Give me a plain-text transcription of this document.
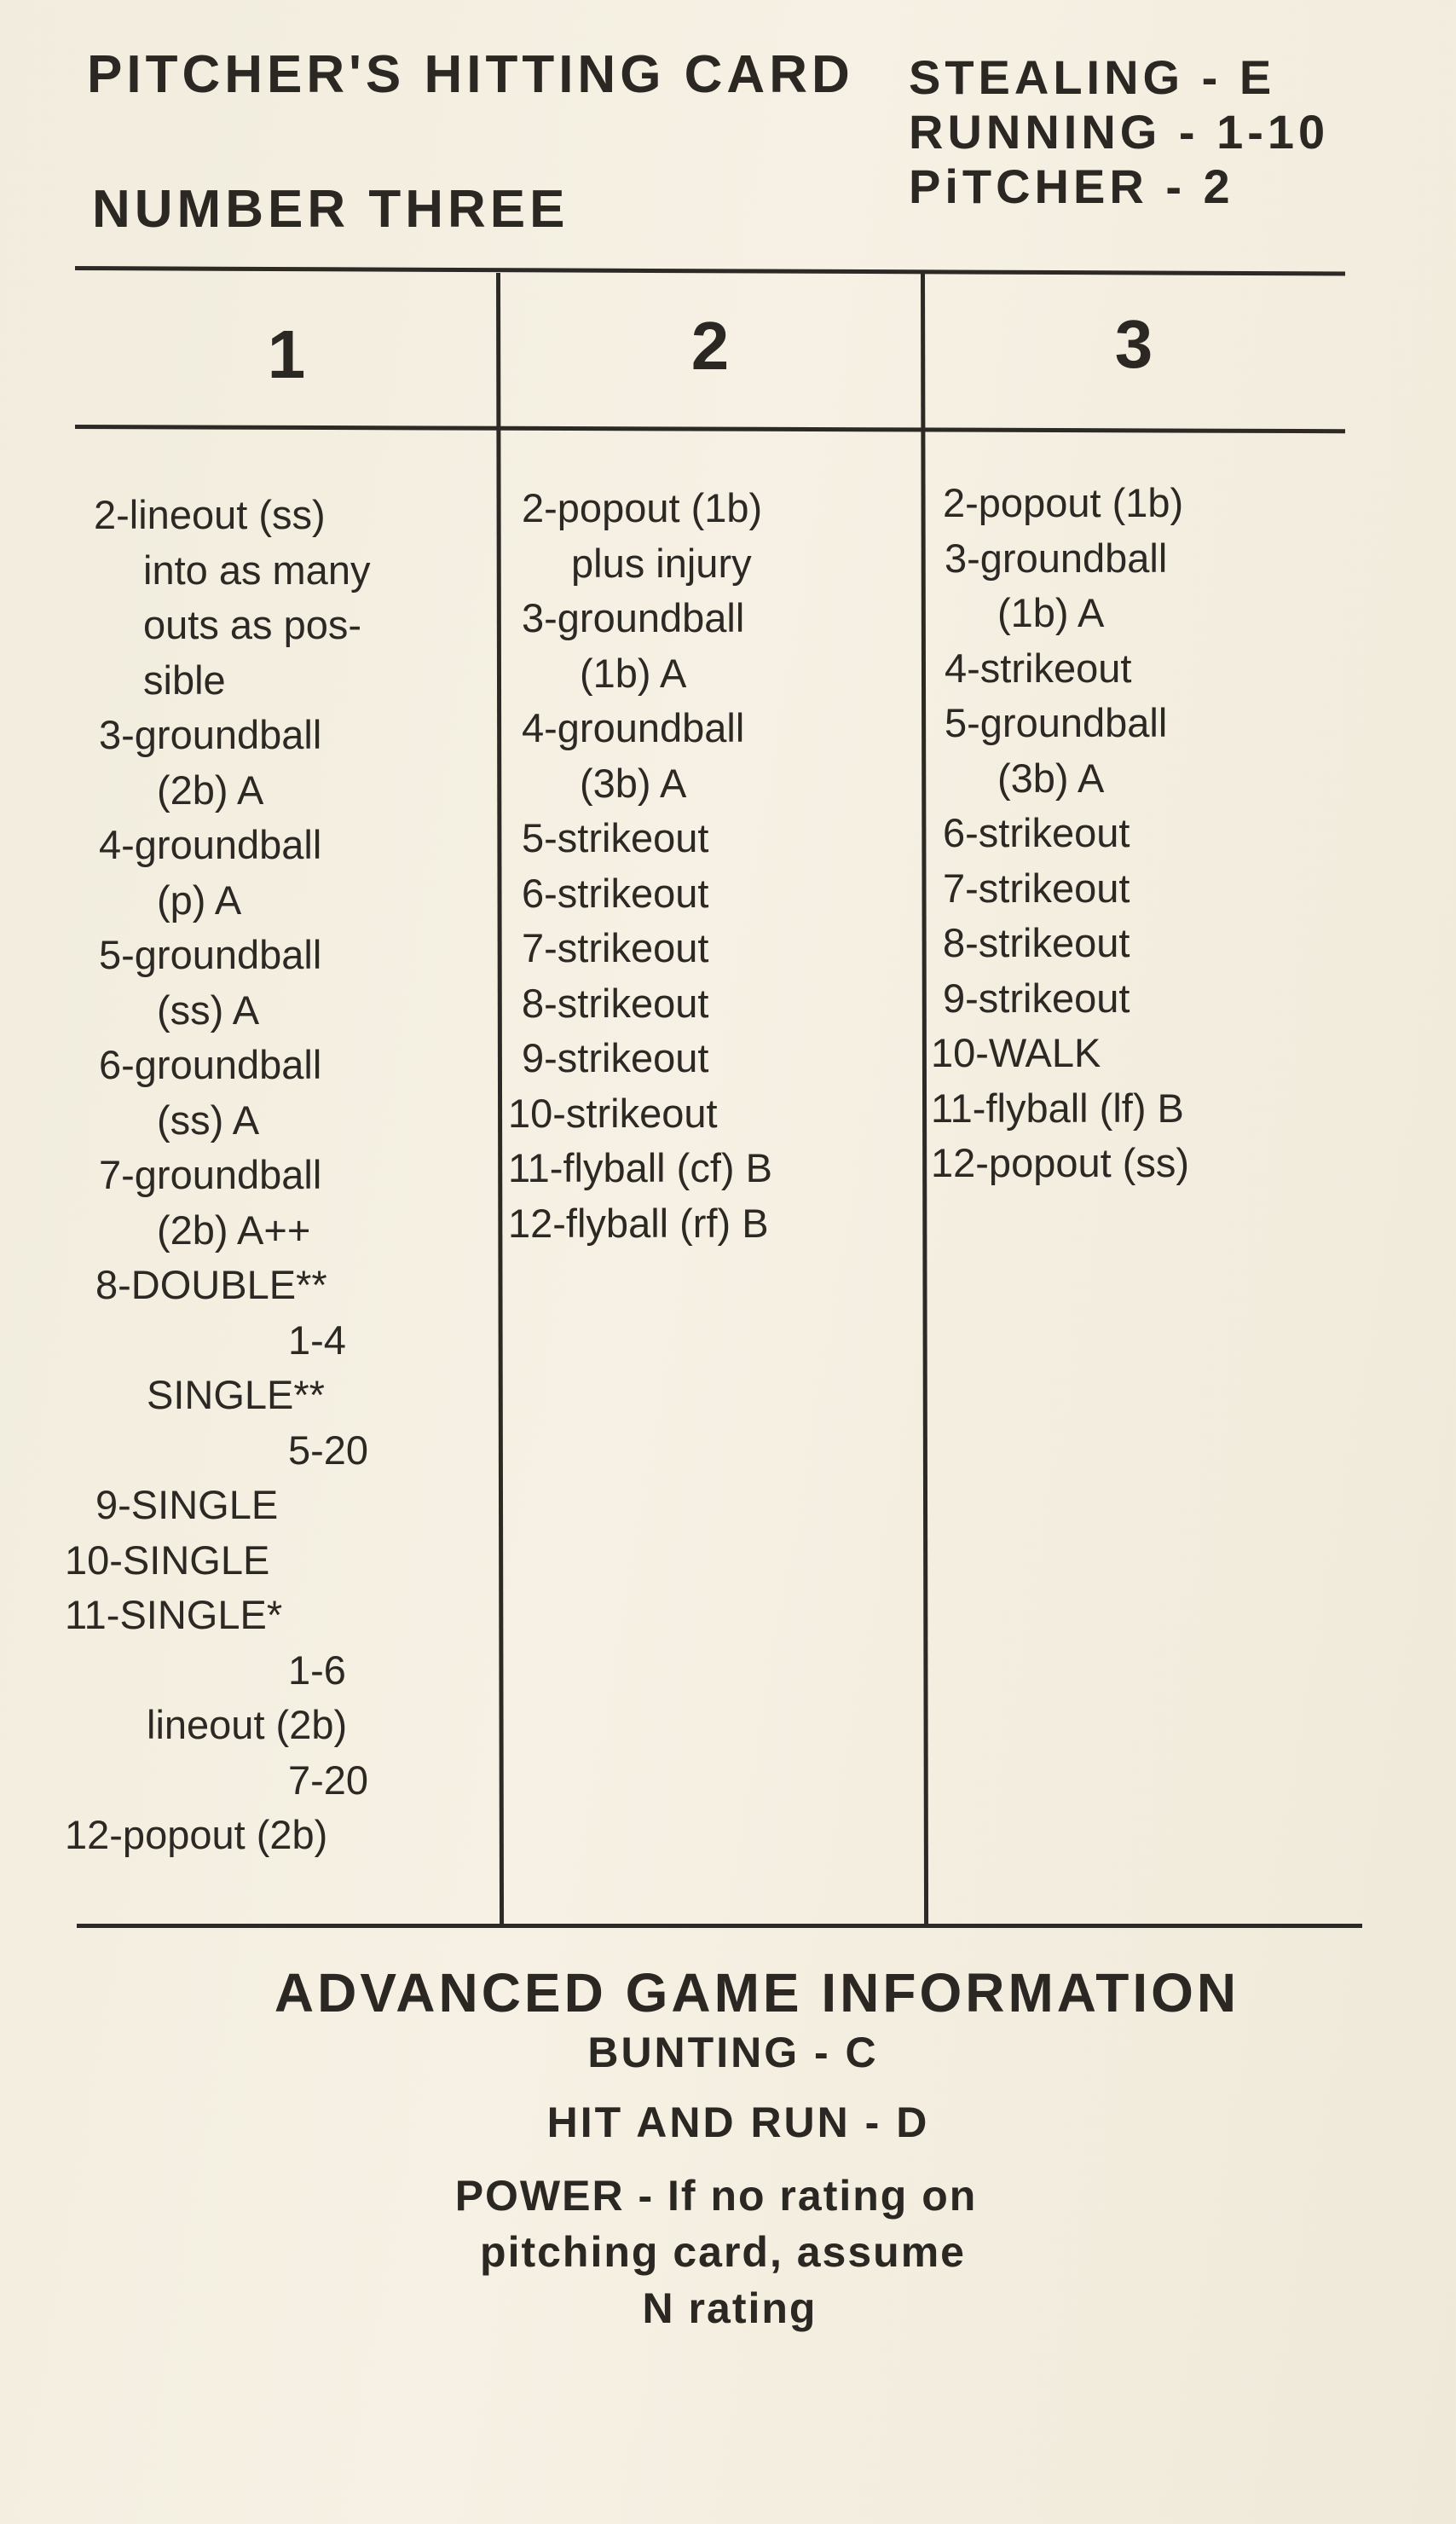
PITCHER'S HITTING CARD
NUMBER THREE
STEALING - E
RUNNING - 1-10
PiTCHER - 2
1	2	3
2-lineout (ss)
into as many
outs as pos-
sible
3-groundball
(2b) A
4-groundball
(p) A
5-groundball
(ss) A
6-groundball
(ss) A
7-groundball
(2b) A++
8-DOUBLE**
1-4
SINGLE**
5-20
9-SINGLE
10-SINGLE
11-SINGLE*
1-6
lineout (2b)
7-20
12-popout (2b)
2-popout (1b)
plus injury
3-groundball
(1b) A
4-groundball
(3b) A
5-strikeout
6-strikeout
7-strikeout
8-strikeout
9-strikeout
10-strikeout
11-flyball (cf) B
12-flyball (rf) B
2-popout (1b)
3-groundball
(1b) A
4-strikeout
5-groundball
(3b) A
6-strikeout
7-strikeout
8-strikeout
9-strikeout
10-WALK
11-flyball (lf) B
12-popout (ss)
ADVANCED GAME INFORMATION
BUNTING - C
HIT AND RUN - D
POWER - If no rating on
pitching card, assume
N rating
